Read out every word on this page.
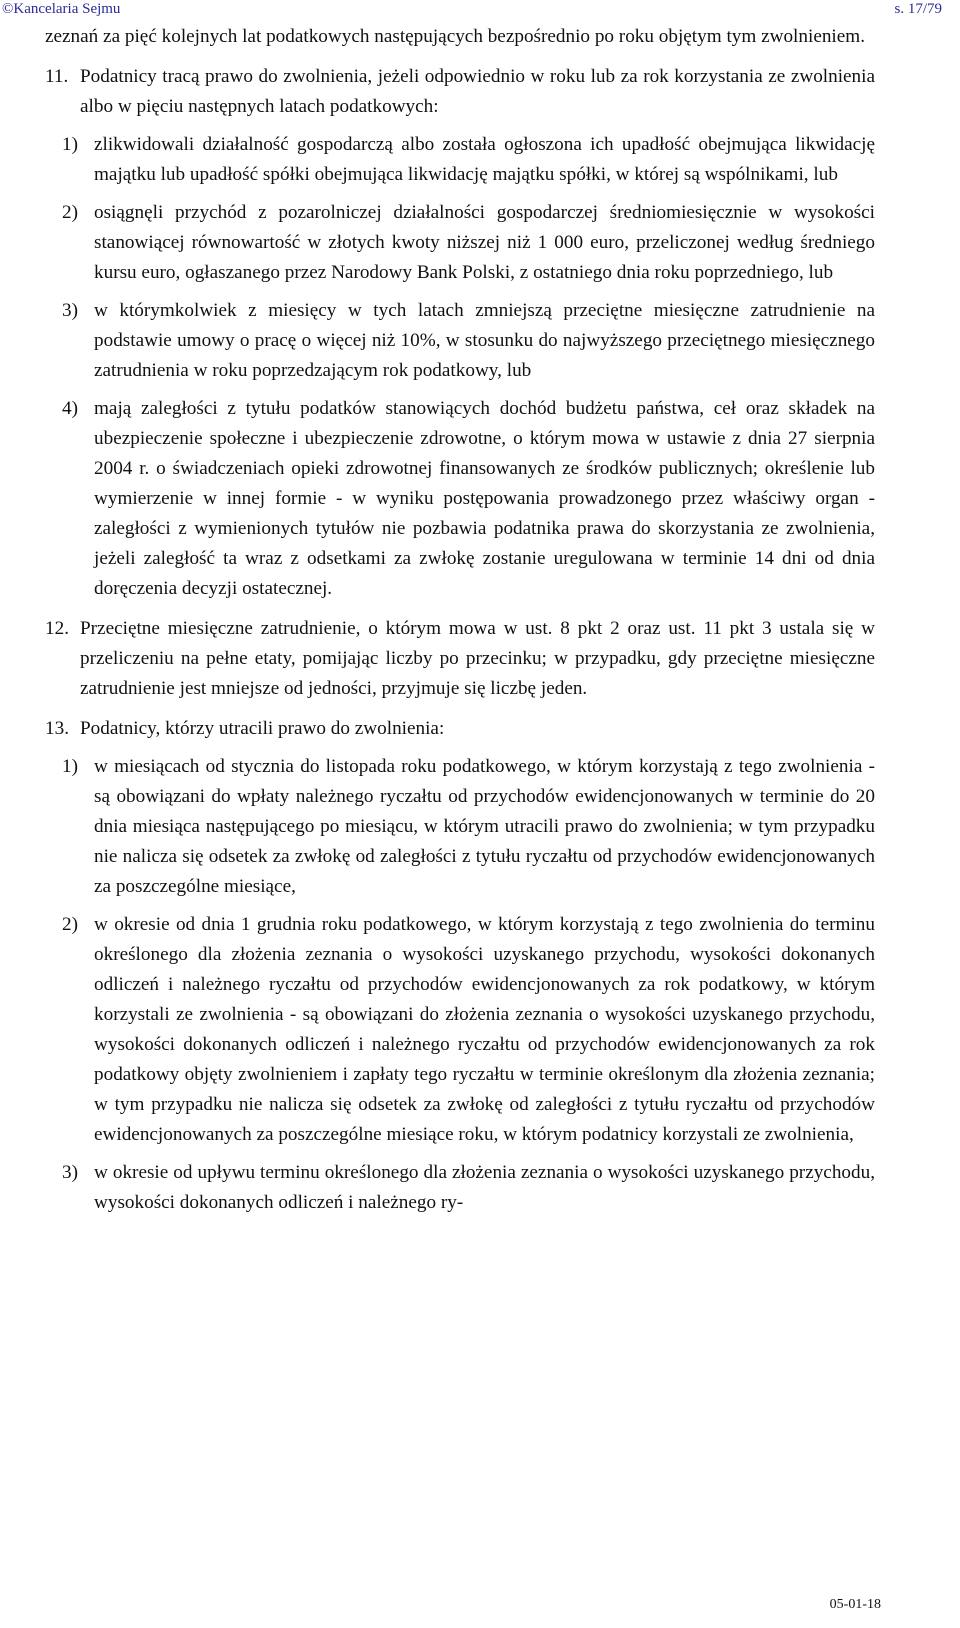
©Kancelaria Sejmu	s. 17/79

zeznań za pięć kolejnych lat podatkowych następujących bezpośrednio po roku objętym tym zwolnieniem.

11. Podatnicy tracą prawo do zwolnienia, jeżeli odpowiednio w roku lub za rok korzystania ze zwolnienia albo w pięciu następnych latach podatkowych:
1) zlikwidowali działalność gospodarczą albo została ogłoszona ich upadłość obejmująca likwidację majątku lub upadłość spółki obejmująca likwidację majątku spółki, w której są wspólnikami, lub
2) osiągnęli przychód z pozarolniczej działalności gospodarczej średniomiesięcznie w wysokości stanowiącej równowartość w złotych kwoty niższej niż 1 000 euro, przeliczonej według średniego kursu euro, ogłaszanego przez Narodowy Bank Polski, z ostatniego dnia roku poprzedniego, lub
3) w którymkolwiek z miesięcy w tych latach zmniejszą przeciętne miesięczne zatrudnienie na podstawie umowy o pracę o więcej niż 10%, w stosunku do najwyższego przeciętnego miesięcznego zatrudnienia w roku poprzedzającym rok podatkowy, lub
4) mają zaległości z tytułu podatków stanowiących dochód budżetu państwa, ceł oraz składek na ubezpieczenie społeczne i ubezpieczenie zdrowotne, o którym mowa w ustawie z dnia 27 sierpnia 2004 r. o świadczeniach opieki zdrowotnej finansowanych ze środków publicznych; określenie lub wymierzenie w innej formie - w wyniku postępowania prowadzonego przez właściwy organ - zaległości z wymienionych tytułów nie pozbawia podatnika prawa do skorzystania ze zwolnienia, jeżeli zaległość ta wraz z odsetkami za zwłokę zostanie uregulowana w terminie 14 dni od dnia doręczenia decyzji ostatecznej.
12. Przeciętne miesięczne zatrudnienie, o którym mowa w ust. 8 pkt 2 oraz ust. 11 pkt 3 ustala się w przeliczeniu na pełne etaty, pomijając liczby po przecinku; w przypadku, gdy przeciętne miesięczne zatrudnienie jest mniejsze od jedności, przyjmuje się liczbę jeden.
13. Podatnicy, którzy utracili prawo do zwolnienia:
1) w miesiącach od stycznia do listopada roku podatkowego, w którym korzystają z tego zwolnienia - są obowiązani do wpłaty należnego ryczałtu od przychodów ewidencjonowanych w terminie do 20 dnia miesiąca następującego po miesiącu, w którym utracili prawo do zwolnienia; w tym przypadku nie nalicza się odsetek za zwłokę od zaległości z tytułu ryczałtu od przychodów ewidencjonowanych za poszczególne miesiące,
2) w okresie od dnia 1 grudnia roku podatkowego, w którym korzystają z tego zwolnienia do terminu określonego dla złożenia zeznania o wysokości uzyskanego przychodu, wysokości dokonanych odliczeń i należnego ryczałtu od przychodów ewidencjonowanych za rok podatkowy, w którym korzystali ze zwolnienia - są obowiązani do złożenia zeznania o wysokości uzyskanego przychodu, wysokości dokonanych odliczeń i należnego ryczałtu od przychodów ewidencjonowanych za rok podatkowy objęty zwolnieniem i zapłaty tego ryczałtu w terminie określonym dla złożenia zeznania; w tym przypadku nie nalicza się odsetek za zwłokę od zaległości z tytułu ryczałtu od przychodów ewidencjonowanych za poszczególne miesiące roku, w którym podatnicy korzystali ze zwolnienia,
3) w okresie od upływu terminu określonego dla złożenia zeznania o wysokości uzyskanego przychodu, wysokości dokonanych odliczeń i należnego ry-
05-01-18
